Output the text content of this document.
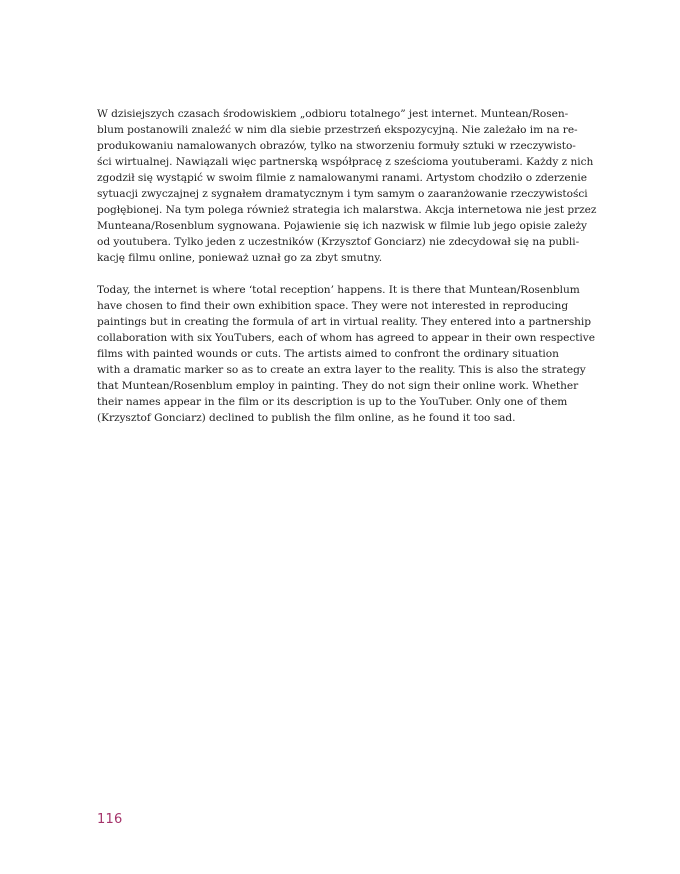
W dzisiejszych czasach środowiskiem „odbioru totalnego” jest internet. Muntean/Rosen-
blum postanowili znaleźć w nim dla siebie przestrzeń ekspozycyjną. Nie zależało im na re-
produkowaniu namalowanych obrazów, tylko na stworzeniu formuły sztuki w rzeczywisto-
ści wirtualnej. Nawiązali więc partnerską współpracę z sześcioma youtuberami. Każdy z nich
zgodził się wystąpić w swoim filmie z namalowanymi ranami. Artystom chodziło o zderzenie
sytuacji zwyczajnej z sygnałem dramatycznym i tym samym o zaaranżowanie rzeczywistości
pogłębionej. Na tym polega również strategia ich malarstwa. Akcja internetowa nie jest przez
Munteana/Rosenblum sygnowana. Pojawienie się ich nazwisk w filmie lub jego opisie zależy
od youtubera. Tylko jeden z uczestników (Krzysztof Gonciarz) nie zdecydował się na publi-
kację filmu online, ponieważ uznał go za zbyt smutny.
Today, the internet is where ‘total reception’ happens. It is there that Muntean/Rosenblum
have chosen to find their own exhibition space. They were not interested in reproducing
paintings but in creating the formula of art in virtual reality. They entered into a partnership
collaboration with six YouTubers, each of whom has agreed to appear in their own respective
films with painted wounds or cuts. The artists aimed to confront the ordinary situation
with a dramatic marker so as to create an extra layer to the reality. This is also the strategy
that Muntean/Rosenblum employ in painting. They do not sign their online work. Whether
their names appear in the film or its description is up to the YouTuber. Only one of them
(Krzysztof Gonciarz) declined to publish the film online, as he found it too sad.
116
